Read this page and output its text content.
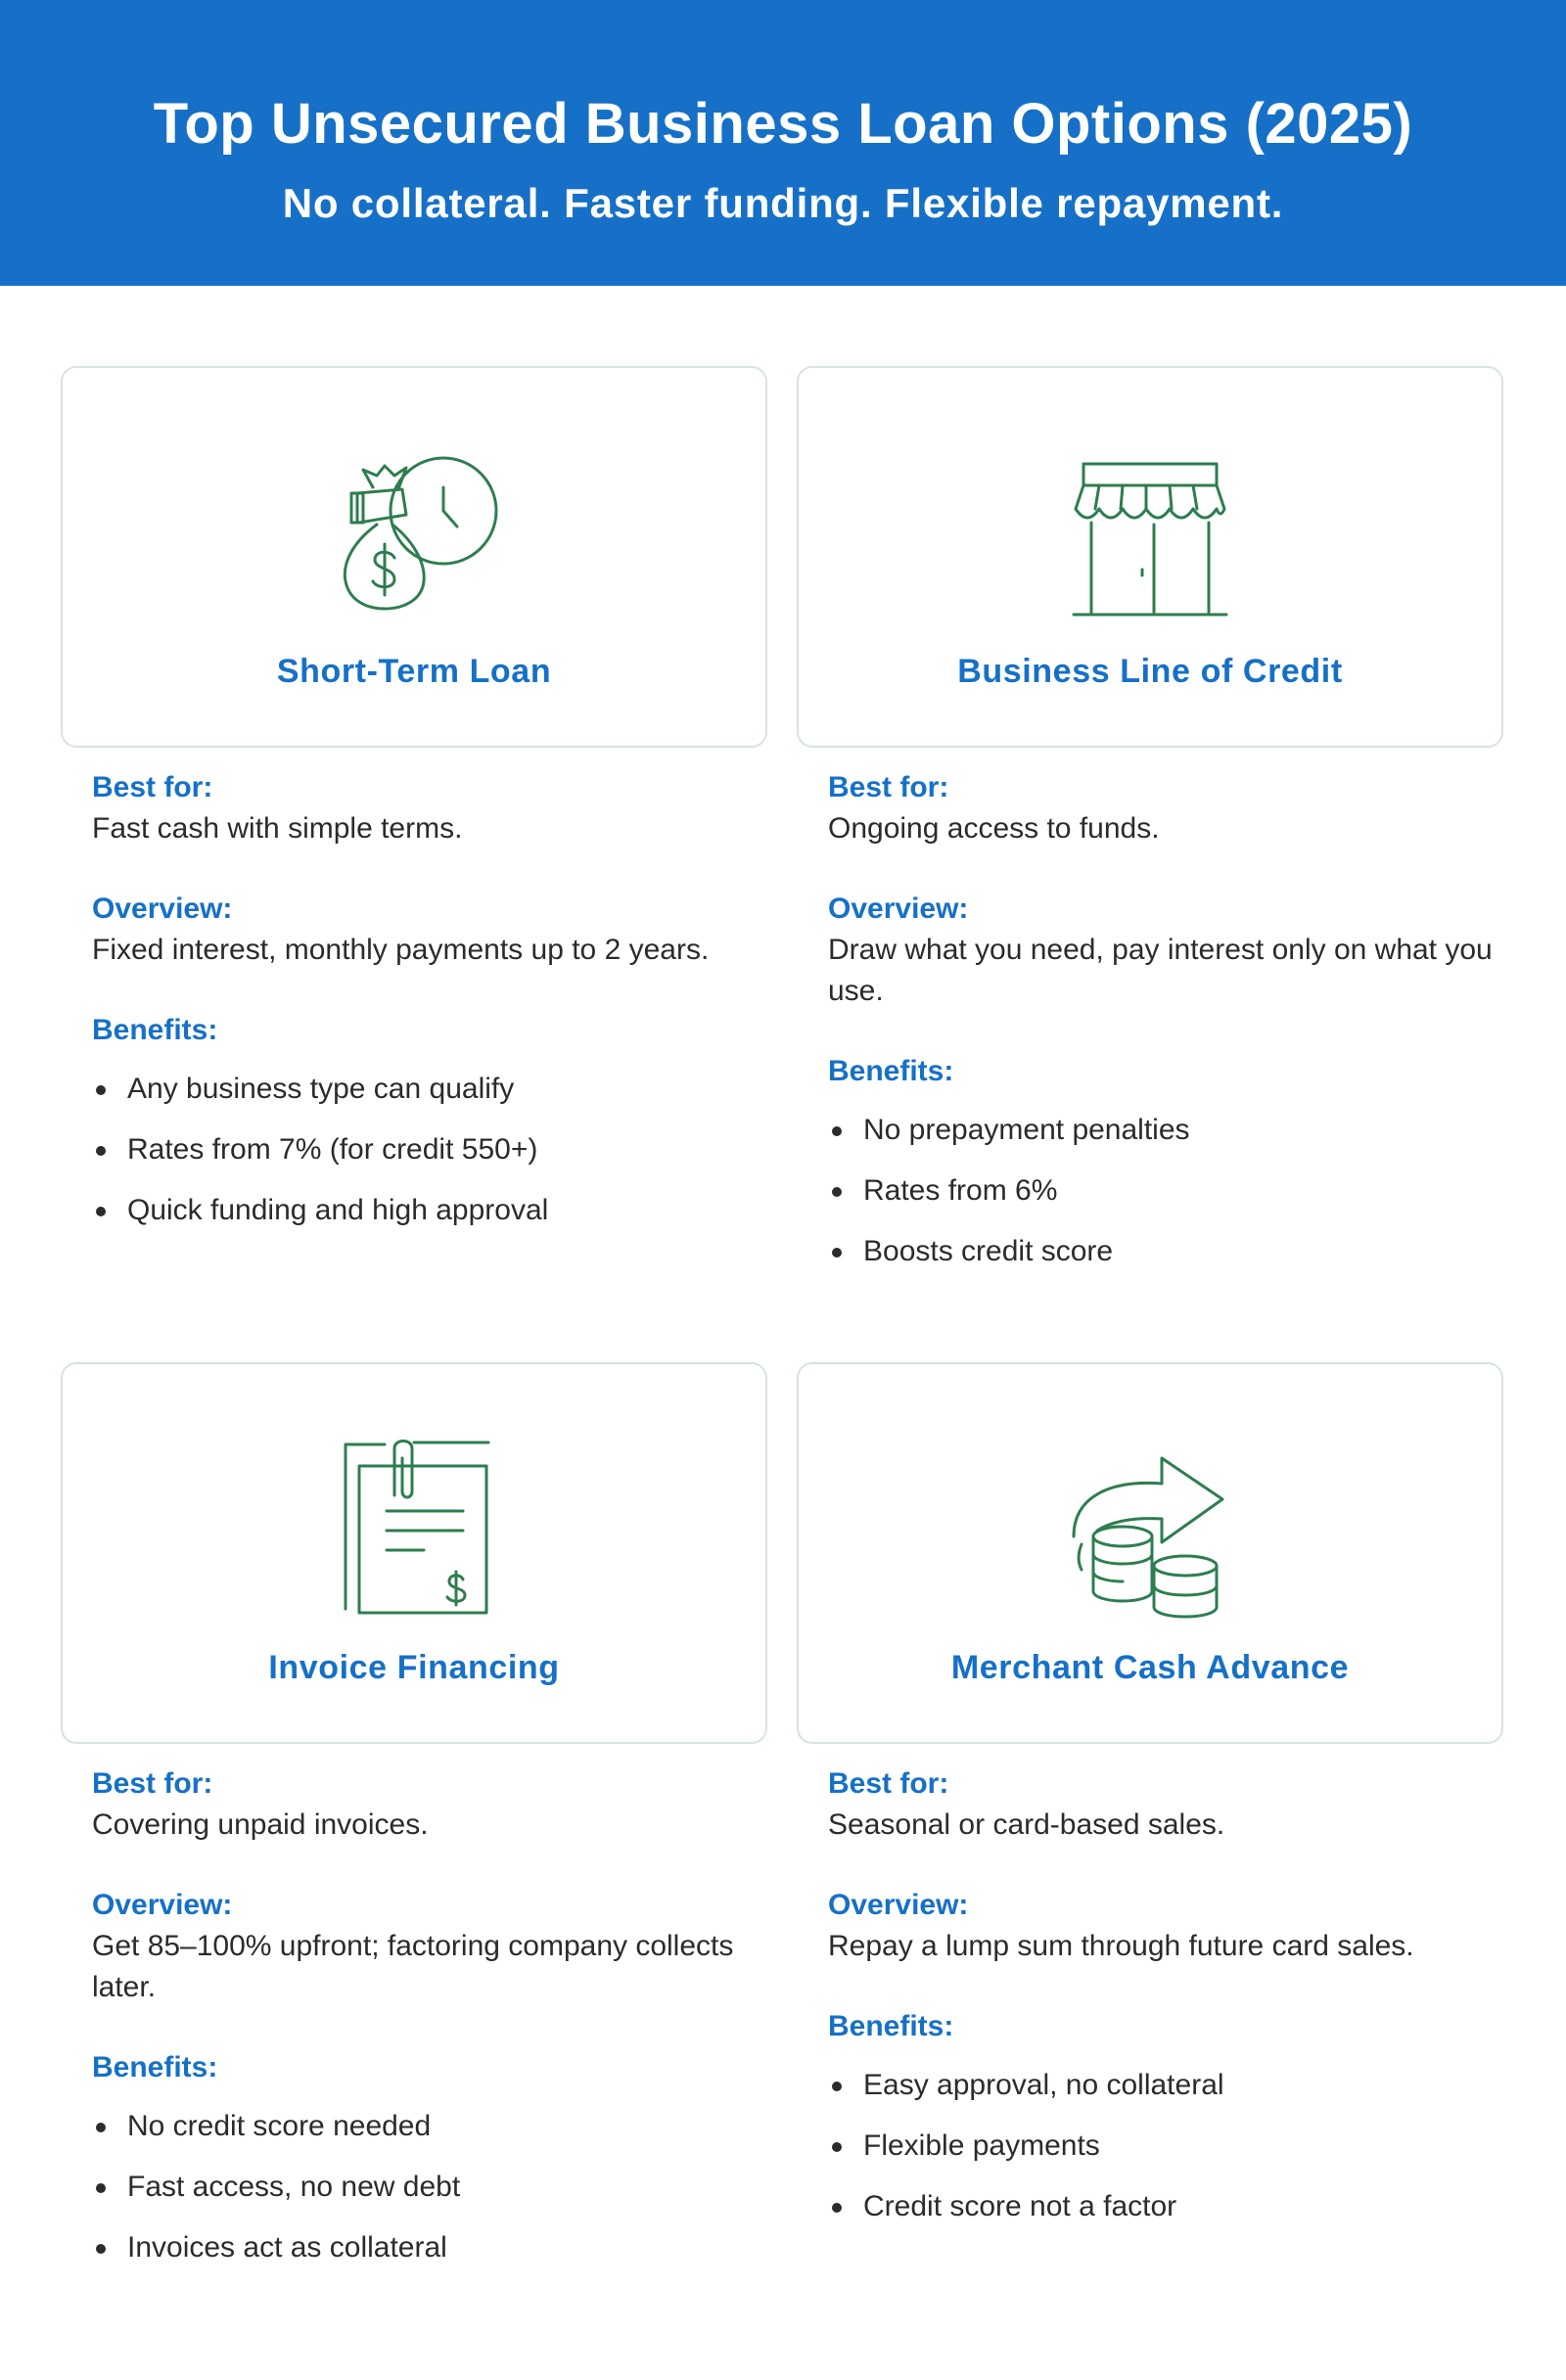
Top Unsecured Business Loan Options (2025)
No collateral. Faster funding. Flexible repayment.
Short-Term Loan	Business Line of Credit
Invoice Financing	Merchant Cash Advance
Best for:
Fast cash with simple terms.
Overview:
Fixed interest, monthly payments up to 2 years.
Benefits:
Any business type can qualify
Rates from 7% (for credit 550+)
Quick funding and high approval
Best for:
Ongoing access to funds.
Overview:
Draw what you need, pay interest only on what you use.
Benefits:
No prepayment penalties
Rates from 6%
Boosts credit score
Best for:
Covering unpaid invoices.
Overview:
Get 85–100% upfront; factoring company collects later.
Benefits:
No credit score needed
Fast access, no new debt
Invoices act as collateral
Best for:
Seasonal or card-based sales.
Overview:
Repay a lump sum through future card sales.
Benefits:
Easy approval, no collateral
Flexible payments
Credit score not a factor
